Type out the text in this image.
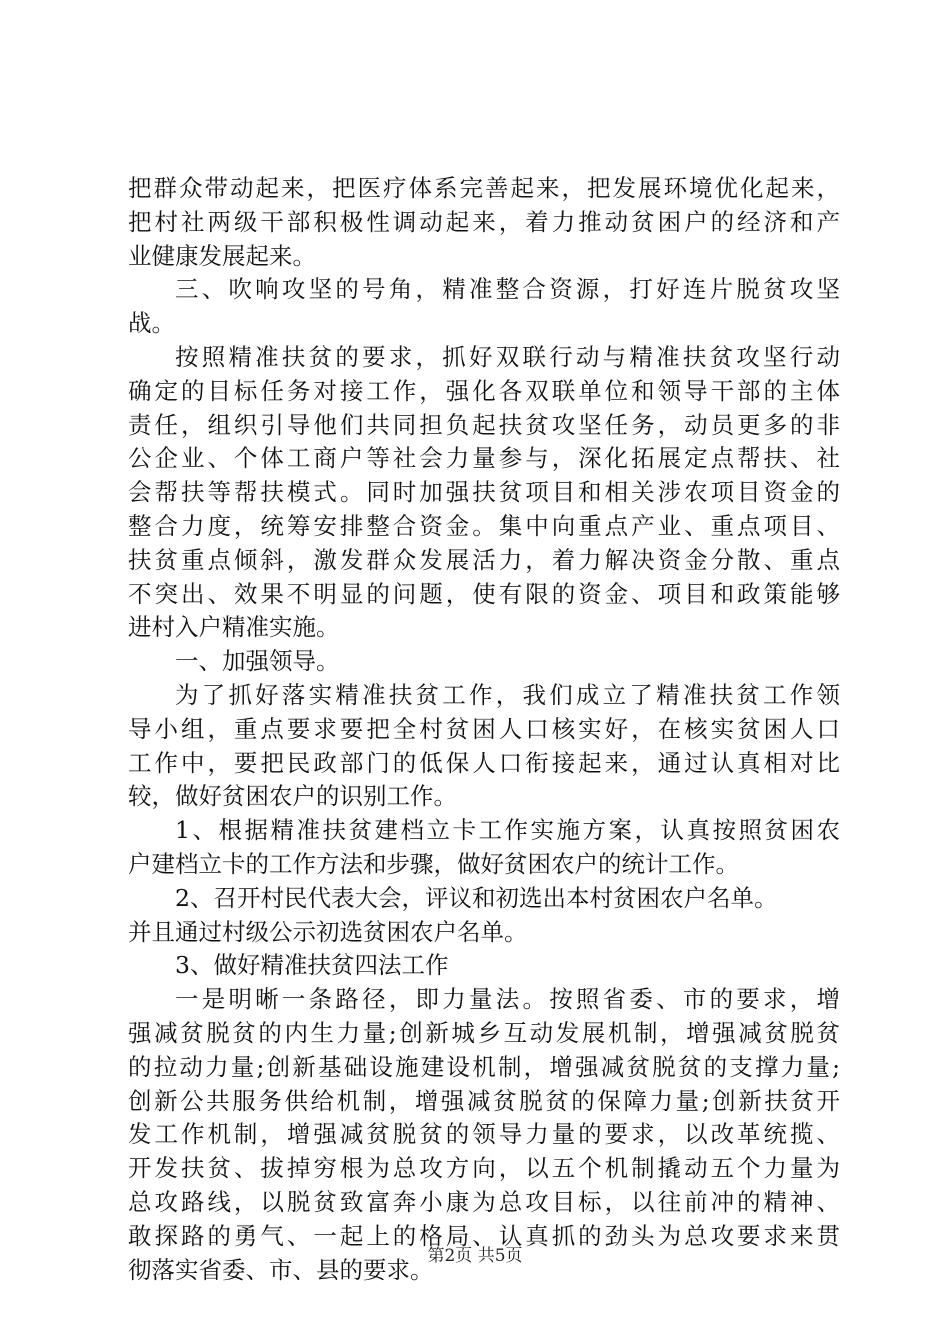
把群众带动起来，把医疗体系完善起来，把发展环境优化起来，
把村社两级干部积极性调动起来，着力推动贫困户的经济和产
业健康发展起来。
三、吹响攻坚的号角，精准整合资源，打好连片脱贫攻坚
战。
按照精准扶贫的要求，抓好双联行动与精准扶贫攻坚行动
确定的目标任务对接工作，强化各双联单位和领导干部的主体
责任，组织引导他们共同担负起扶贫攻坚任务，动员更多的非
公企业、个体工商户等社会力量参与，深化拓展定点帮扶、社
会帮扶等帮扶模式。同时加强扶贫项目和相关涉农项目资金的
整合力度，统筹安排整合资金。集中向重点产业、重点项目、
扶贫重点倾斜，激发群众发展活力，着力解决资金分散、重点
不突出、效果不明显的问题，使有限的资金、项目和政策能够
进村入户精准实施。
一、加强领导。
为了抓好落实精准扶贫工作，我们成立了精准扶贫工作领
导小组，重点要求要把全村贫困人口核实好，在核实贫困人口
工作中，要把民政部门的低保人口衔接起来，通过认真相对比
较，做好贫困农户的识别工作。
1、根据精准扶贫建档立卡工作实施方案，认真按照贫困农
户建档立卡的工作方法和步骤，做好贫困农户的统计工作。
2、召开村民代表大会，评议和初选出本村贫困农户名单。
并且通过村级公示初选贫困农户名单。
3、做好精准扶贫四法工作
一是明晰一条路径，即力量法。按照省委、市的要求，增
强减贫脱贫的内生力量;创新城乡互动发展机制，增强减贫脱贫
的拉动力量;创新基础设施建设机制，增强减贫脱贫的支撑力量;
创新公共服务供给机制，增强减贫脱贫的保障力量;创新扶贫开
发工作机制，增强减贫脱贫的领导力量的要求，以改革统揽、
开发扶贫、拔掉穷根为总攻方向，以五个机制撬动五个力量为
总攻路线，以脱贫致富奔小康为总攻目标，以往前冲的精神、
敢探路的勇气、一起上的格局、认真抓的劲头为总攻要求来贯
彻落实省委、市、县的要求。
第2页 共5页
